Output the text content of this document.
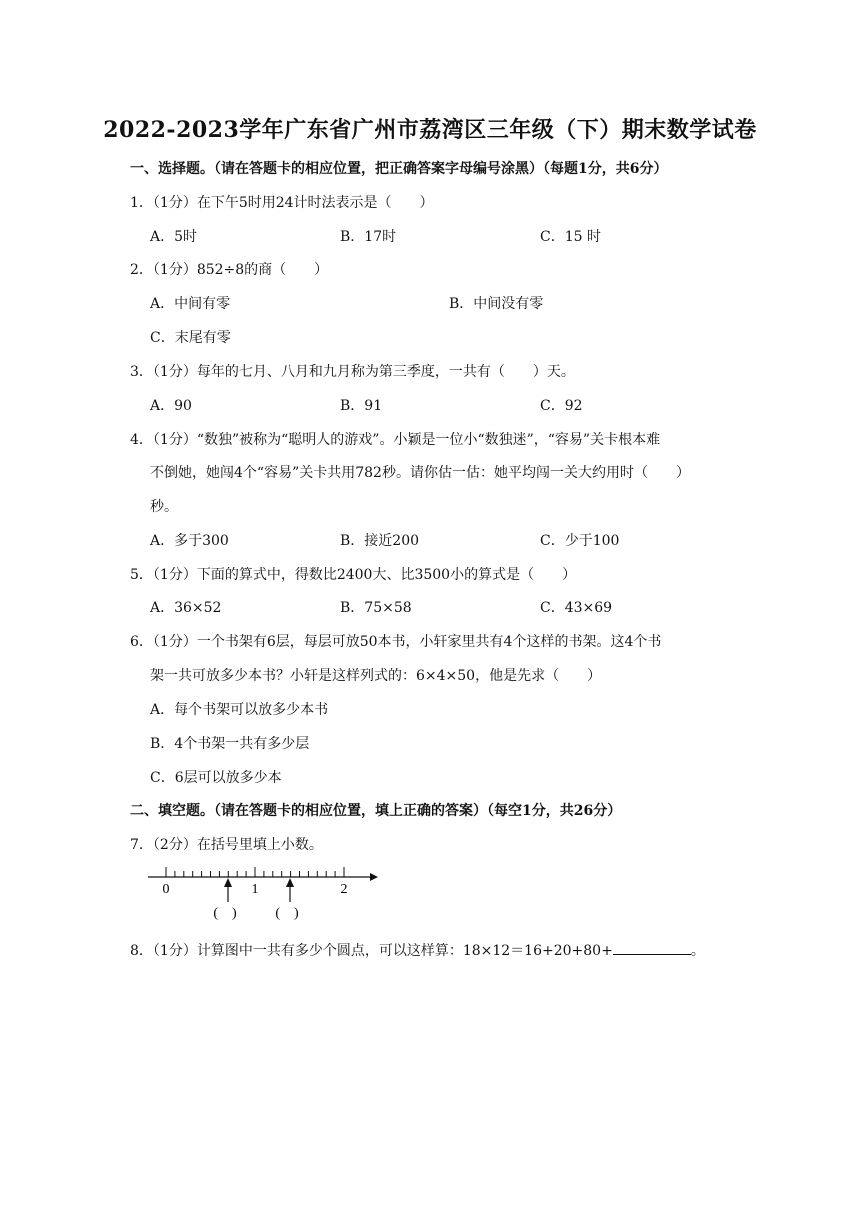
2022-2023学年广东省广州市荔湾区三年级（下）期末数学试卷
一、选择题。（请在答题卡的相应位置，把正确答案字母编号涂黑）（每题1分，共6分）
1．（1分）在下午5时用24计时法表示是（　　）
A．5时	B．17时	C．15 时
2．（1分）852÷8的商（　　）
A．中间有零	B．中间没有零
C．末尾有零
3．（1分）每年的七月、八月和九月称为第三季度，一共有（　　）天。
A．90	B．91	C．92
4．（1分）“数独”被称为“聪明人的游戏”。小颖是一位小“数独迷”，“容易”关卡根本难
不倒她，她闯4个“容易”关卡共用782秒。请你估一估：她平均闯一关大约用时（　　）
秒。
A．多于300	B．接近200	C．少于100
5．（1分）下面的算式中，得数比2400大、比3500小的算式是（　　）
A．36×52	B．75×58	C．43×69
6．（1分）一个书架有6层，每层可放50本书，小轩家里共有4个这样的书架。这4个书
架一共可放多少本书？小轩是这样列式的：6×4×50，他是先求（　　）
A．每个书架可以放多少本书
B．4个书架一共有多少层
C．6层可以放多少本
二、填空题。（请在答题卡的相应位置，填上正确的答案）（每空1分，共26分）
7．（2分）在括号里填上小数。
0	1	2
(　)	(　)
8．（1分）计算图中一共有多少个圆点，可以这样算：18×12＝16+20+80+	。
